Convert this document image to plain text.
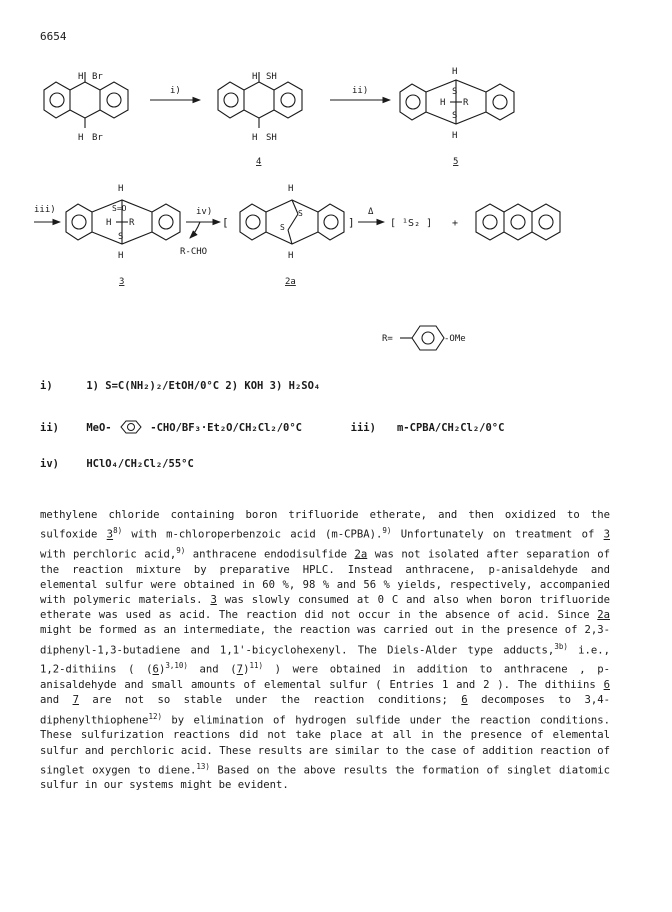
6654
H Br
H Br
i)
H SH
H SH
4
ii)
H
S
H R
S
H
5
iii)
H
S=O
H R
S
H
3
iv)
R-CHO
[
H
S
S
H
]
2a
Δ
[ ¹S₂ ] +
R=	-OMe
i)	1) S=C(NH₂)₂/EtOH/0°C 2) KOH 3) H₂SO₄
ii)	MeO-	-CHO/BF₃·Et₂O/CH₂Cl₂/0°C	iii) m-CPBA/CH₂Cl₂/0°C
iv)	HClO₄/CH₂Cl₂/55°C

methylene chloride containing boron trifluoride etherate, and then oxidized to the sulfoxide 3$^{8)}$ with m-chloroperbenzoic acid (m-CPBA).$^{9)}$ Unfortunately on treatment of 3 with perchloric acid,$^{9)}$ anthracene endodisulfide 2a was not isolated after separation of the reaction mixture by preparative HPLC. Instead anthracene, p-anisaldehyde and elemental sulfur were obtained in 60 %, 98 % and 56 % yields, respectively, accompanied with polymeric materials. 3 was slowly consumed at 0 C and also when boron trifluoride etherate was used as acid. The reaction did not occur in the absence of acid. Since 2a might be formed as an intermediate, the reaction was carried out in the presence of 2,3-diphenyl-1,3-butadiene and 1,1'-bicyclohexenyl. The Diels-Alder type adducts,$^{3b)}$ i.e., 1,2-dithiins ( $(6)^{3,10)}$ and $(7)^{11)}$ ) were obtained in addition to anthracene , p-anisaldehyde and small amounts of elemental sulfur ( Entries 1 and 2 ). The dithiins 6 and 7 are not so stable under the reaction conditions; 6 decomposes to 3,4-diphenylthiophene$^{12)}$ by elimination of hydrogen sulfide under the reaction conditions. These sulfurization reactions did not take place at all in the presence of elemental sulfur and perchloric acid. These results are similar to the case of addition reaction of singlet oxygen to diene.$^{13)}$ Based on the above results the formation of singlet diatomic sulfur in our systems might be evident.
